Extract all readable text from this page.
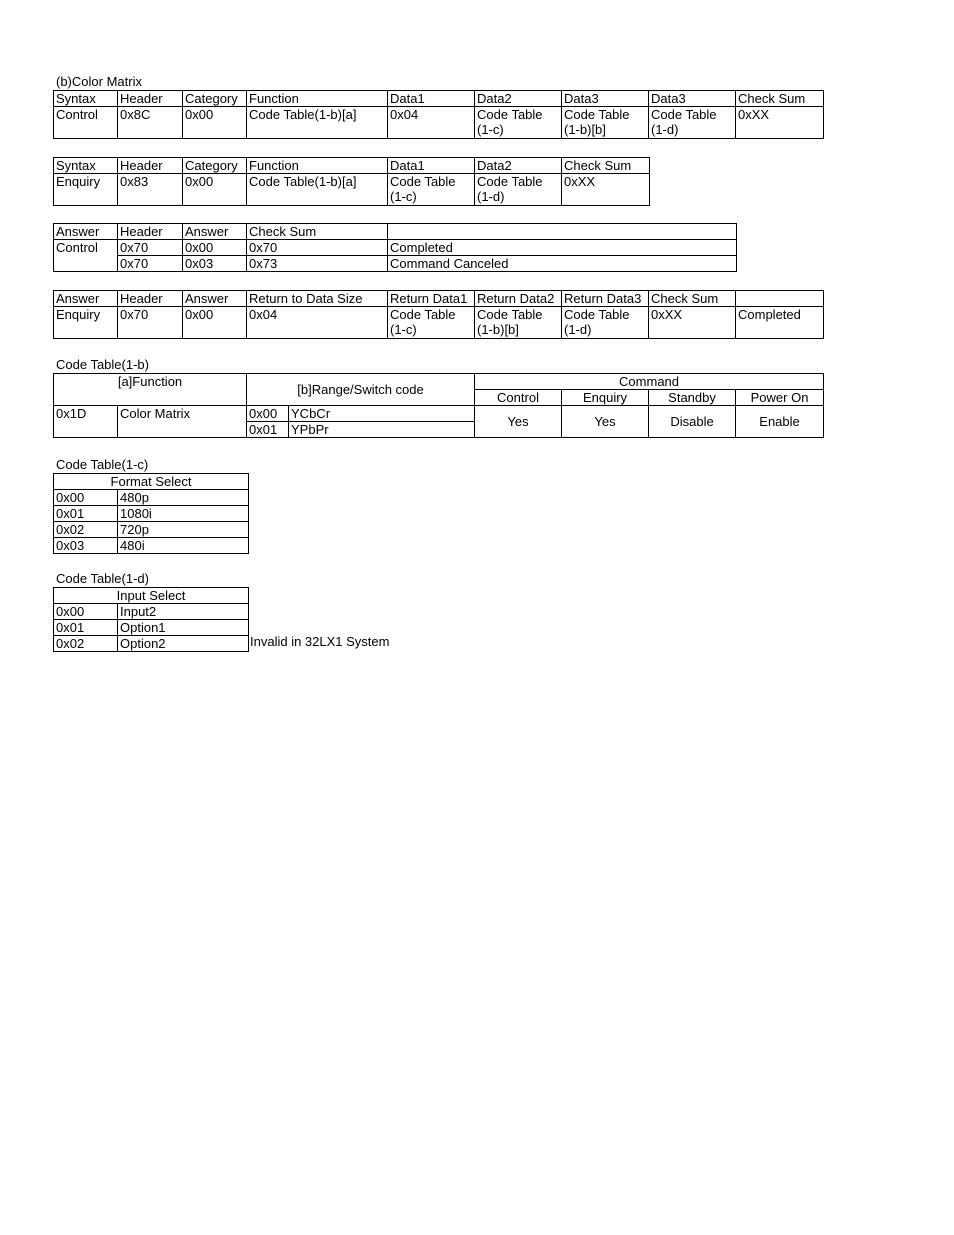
(b)Color Matrix
Syntax	Header	Category	Function	Data1	Data2	Data3	Data3	Check Sum
Control	0x8C	0x00	Code Table(1-b)[a]	0x04	Code Table (1-c)	Code Table (1-b)[b]	Code Table (1-d)	0xXX
Syntax	Header	Category	Function	Data1	Data2	Check Sum
Enquiry	0x83	0x00	Code Table(1-b)[a]	Code Table (1-c)	Code Table (1-d)	0xXX
Answer	Header	Answer	Check Sum	
Control	0x70	0x00	0x70	Completed
	0x70	0x03	0x73	Command Canceled
Answer	Header	Answer	Return to Data Size	Return Data1	Return Data2	Return Data3	Check Sum	
Enquiry	0x70	0x00	0x04	Code Table (1-c)	Code Table (1-b)[b]	Code Table (1-d)	0xXX	Completed
Code Table(1-b)
[a]Function		[b]Range/Switch code		Command			
				Control	Enquiry	Standby	Power On
0x1D	Color Matrix	0x00	YCbCr	Yes	Yes	Disable	Enable
		0x01	YPbPr				
Code Table(1-c)
Format Select	
0x00	480p
0x01	1080i
0x02	720p
0x03	480i
Code Table(1-d)
Input Select	
0x00	Input2
0x01	Option1
0x02	Option2	Invalid in 32LX1 System
